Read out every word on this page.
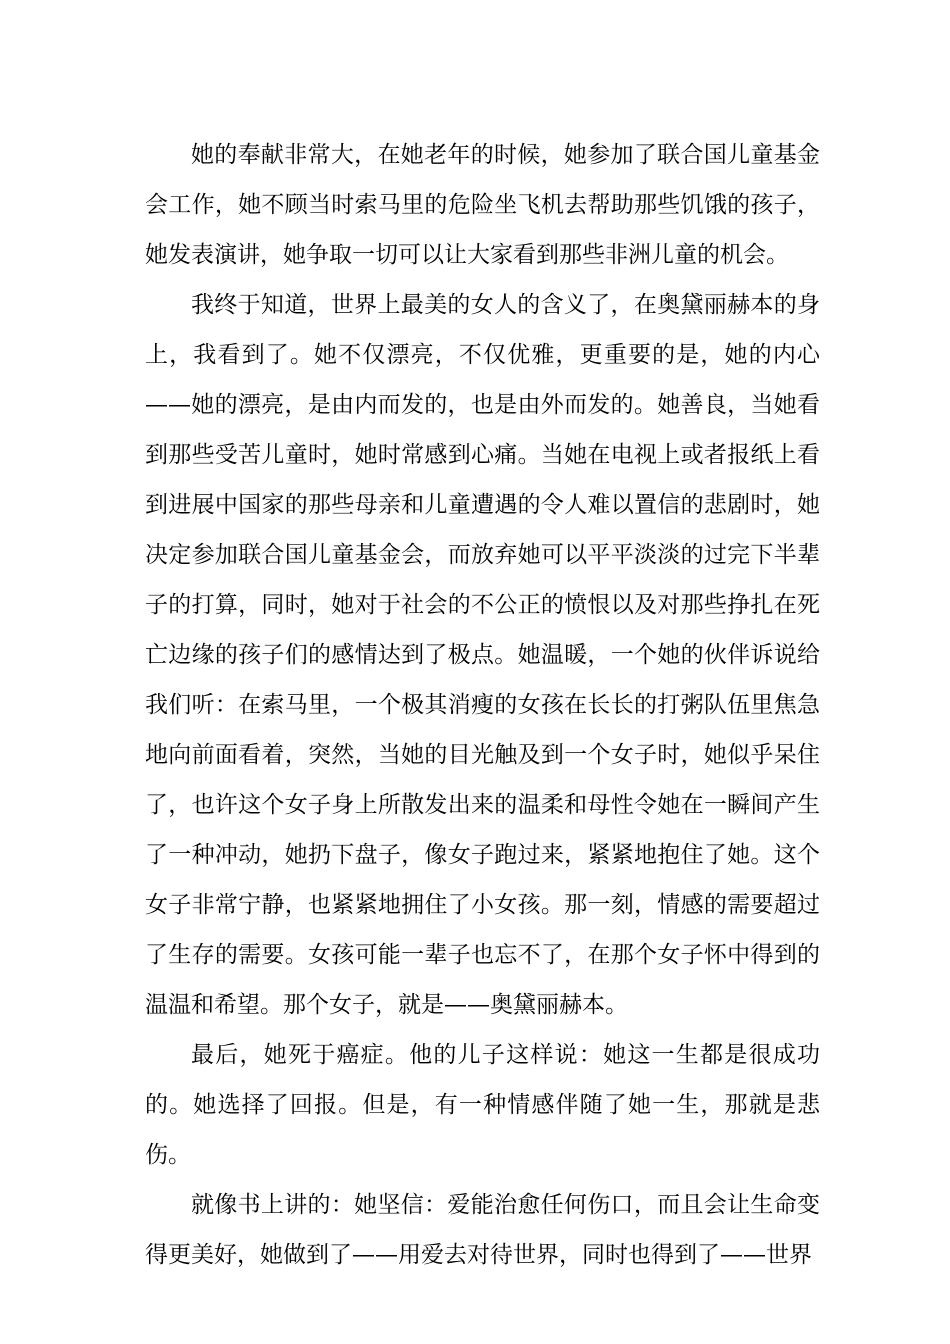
她的奉献非常大，在她老年的时候，她参加了联合国儿童基金会工作，她不顾当时索马里的危险坐飞机去帮助那些饥饿的孩子，她发表演讲，她争取一切可以让大家看到那些非洲儿童的机会。

我终于知道，世界上最美的女人的含义了，在奥黛丽赫本的身上，我看到了。她不仅漂亮，不仅优雅，更重要的是，她的内心——她的漂亮，是由内而发的，也是由外而发的。她善良，当她看到那些受苦儿童时，她时常感到心痛。当她在电视上或者报纸上看到进展中国家的那些母亲和儿童遭遇的令人难以置信的悲剧时，她决定参加联合国儿童基金会，而放弃她可以平平淡淡的过完下半辈子的打算，同时，她对于社会的不公正的愤恨以及对那些挣扎在死亡边缘的孩子们的感情达到了极点。她温暖，一个她的伙伴诉说给我们听：在索马里，一个极其消瘦的女孩在长长的打粥队伍里焦急地向前面看着，突然，当她的目光触及到一个女子时，她似乎呆住了，也许这个女子身上所散发出来的温柔和母性令她在一瞬间产生了一种冲动，她扔下盘子，像女子跑过来，紧紧地抱住了她。这个女子非常宁静，也紧紧地拥住了小女孩。那一刻，情感的需要超过了生存的需要。女孩可能一辈子也忘不了，在那个女子怀中得到的温温和希望。那个女子，就是——奥黛丽赫本。

最后，她死于癌症。他的儿子这样说：她这一生都是很成功的。她选择了回报。但是，有一种情感伴随了她一生，那就是悲伤。

就像书上讲的：她坚信：爱能治愈任何伤口，而且会让生命变得更美好，她做到了——用爱去对待世界，同时也得到了——世界
